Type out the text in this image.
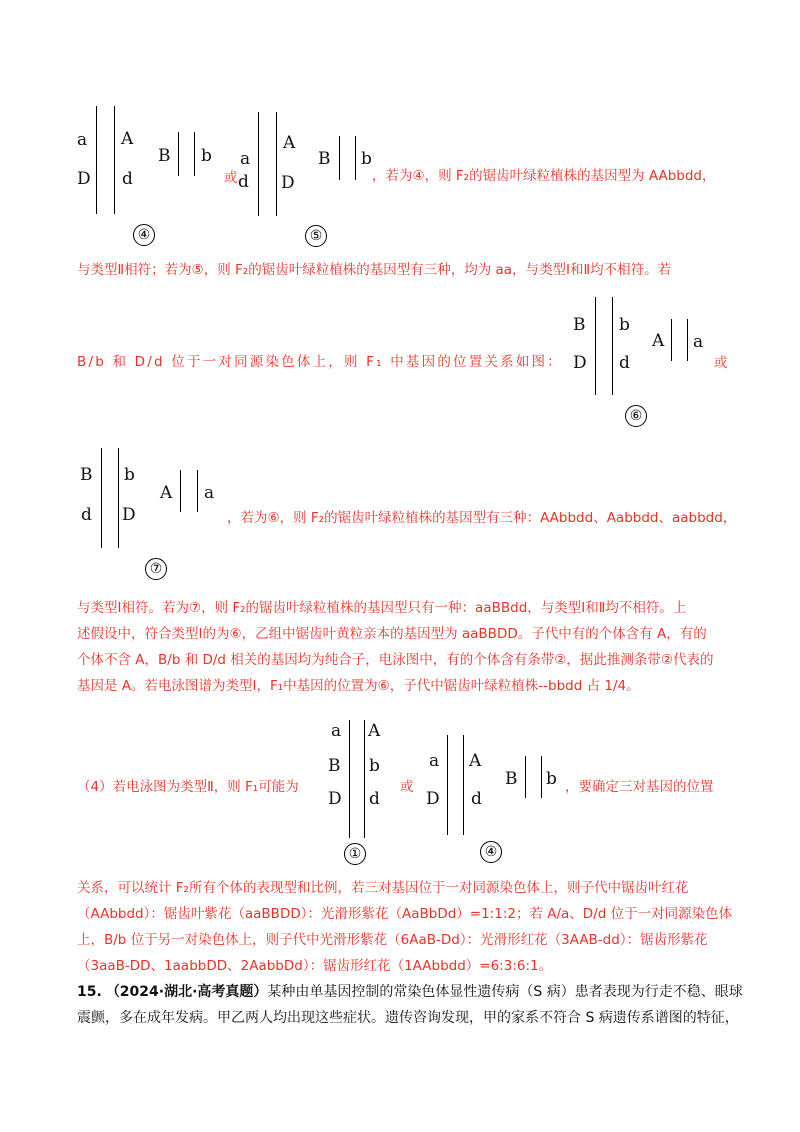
a
D
A
d
B b
④
或
a
d
A
D
B b
⑤
，若为④，则 F₂的锯齿叶绿粒植株的基因型为 AAbbdd，
与类型Ⅱ相符；若为⑤，则 F₂的锯齿叶绿粒植株的基因型有三种，均为 aa，与类型Ⅰ和Ⅱ均不相符。若
B/b 和 D/d 位于一对同源染色体上，则 F₁ 中基因的位置关系如图：
B
D
b
d
A a
⑥
或
B
d
b
D
A a
⑦
，若为⑥，则 F₂的锯齿叶绿粒植株的基因型有三种：AAbbdd、Aabbdd、aabbdd，
与类型Ⅰ相符。若为⑦，则 F₂的锯齿叶绿粒植株的基因型只有一种：aaBBdd，与类型Ⅰ和Ⅱ均不相符。上
述假设中，符合类型Ⅰ的为⑥，乙组中锯齿叶黄粒亲本的基因型为 aaBBDD。子代中有的个体含有 A，有的
个体不含 A，B/b 和 D/d 相关的基因均为纯合子，电泳图中，有的个体含有条带②，据此推测条带②代表的
基因是 A。若电泳图谱为类型Ⅰ，F₁中基因的位置为⑥，子代中锯齿叶绿粒植株--bbdd 占 1/4。
（4）若电泳图为类型Ⅱ，则 F₁可能为
a
B
D
A
b
d
①
或
a
D
A
d
B b
④
，要确定三对基因的位置
关系，可以统计 F₂所有个体的表现型和比例，若三对基因位于一对同源染色体上，则子代中锯齿叶红花
（AAbbdd）：锯齿叶紫花（aaBBDD）：光滑形紫花（AaBbDd）=1:1:2；若 A/a、D/d 位于一对同源染色体
上，B/b 位于另一对染色体上，则子代中光滑形紫花（6AaB-Dd）：光滑形红花（3AAB-dd）：锯齿形紫花
（3aaB-DD、1aabbDD、2AabbDd）：锯齿形红花（1AAbbdd）=6:3:6:1。
15. （2024·湖北·高考真题）某种由单基因控制的常染色体显性遗传病（S 病）患者表现为行走不稳、眼球
震颤，多在成年发病。甲乙两人均出现这些症状。遗传咨询发现，甲的家系不符合 S 病遗传系谱图的特征，
